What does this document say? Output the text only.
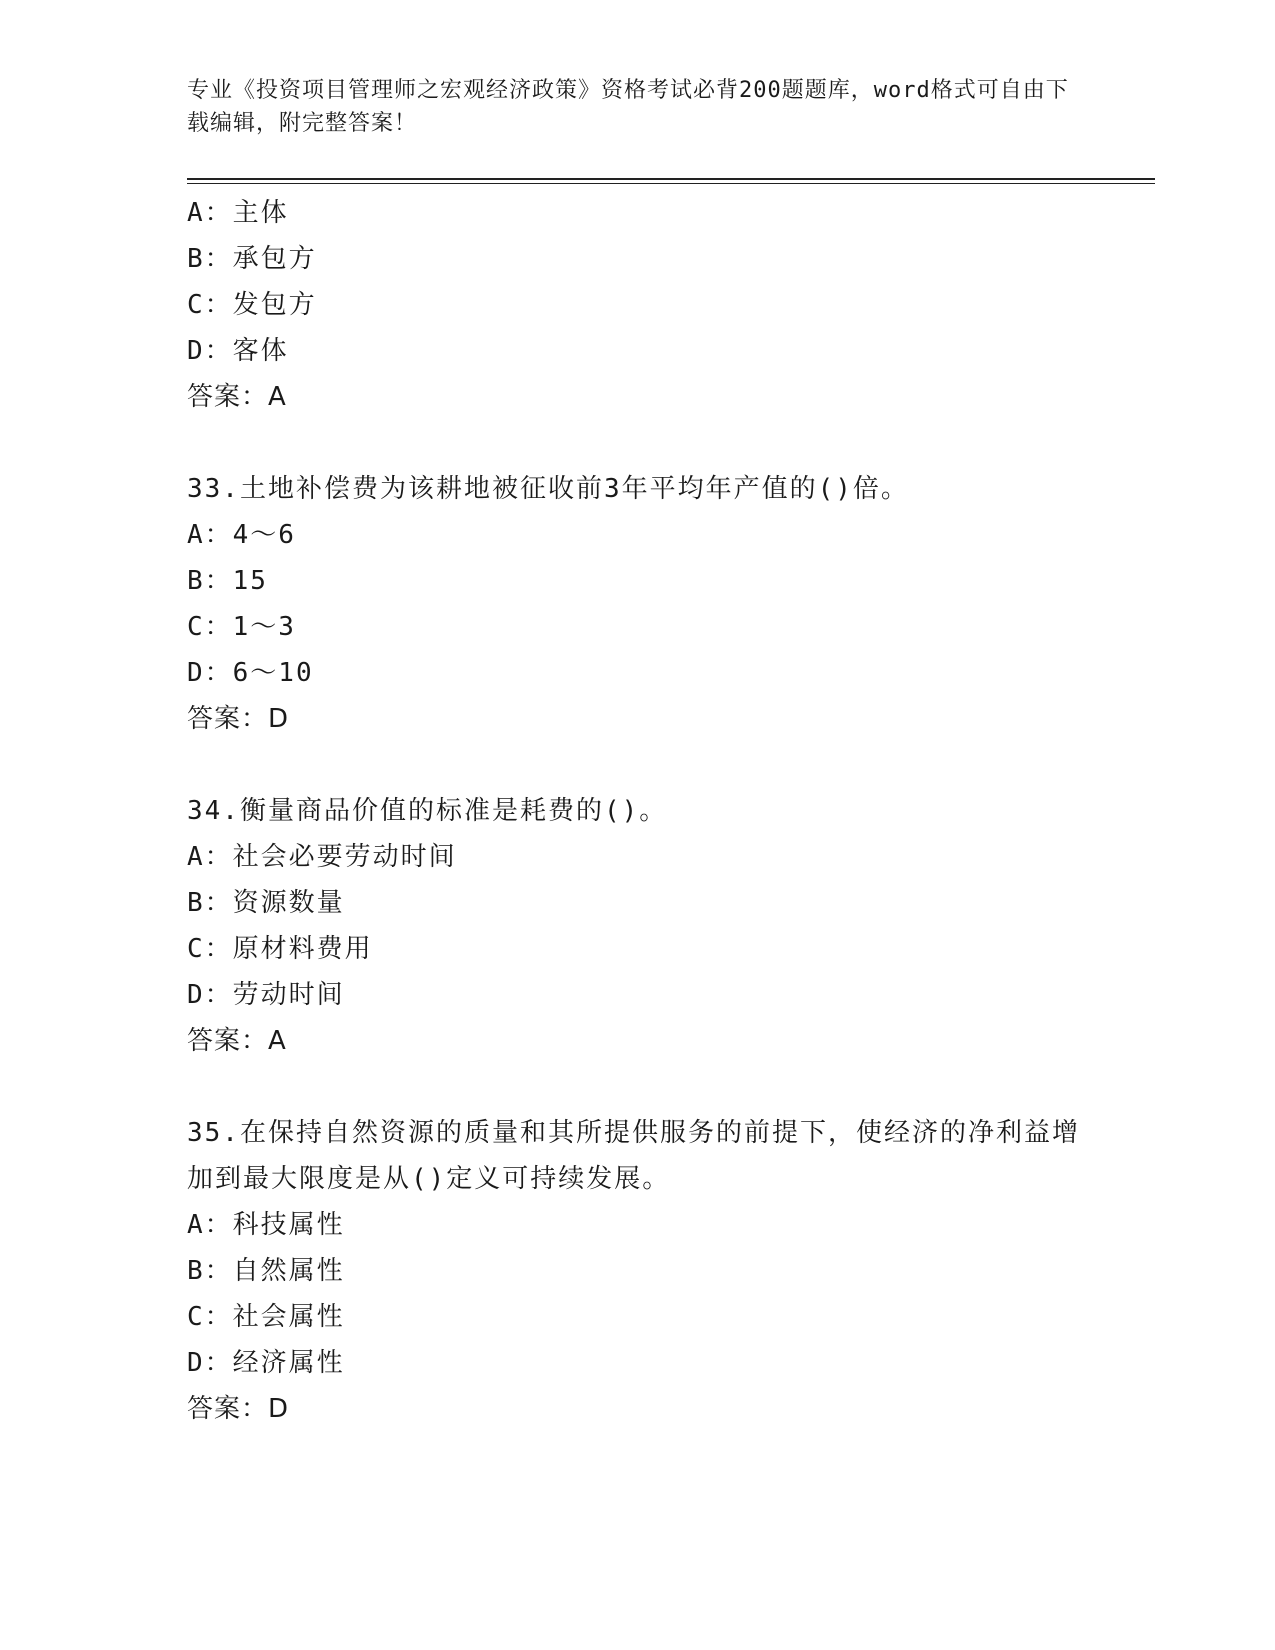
专业《投资项目管理师之宏观经济政策》资格考试必背200题题库，word格式可自由下载编辑，附完整答案！
A：主体
B：承包方
C：发包方
D：客体
答案：A
33.土地补偿费为该耕地被征收前3年平均年产值的()倍。
A：4～6
B：15
C：1～3
D：6～10
答案：D
34.衡量商品价值的标准是耗费的()。
A：社会必要劳动时间
B：资源数量
C：原材料费用
D：劳动时间
答案：A
35.在保持自然资源的质量和其所提供服务的前提下，使经济的净利益增加到最大限度是从()定义可持续发展。
A：科技属性
B：自然属性
C：社会属性
D：经济属性
答案：D
